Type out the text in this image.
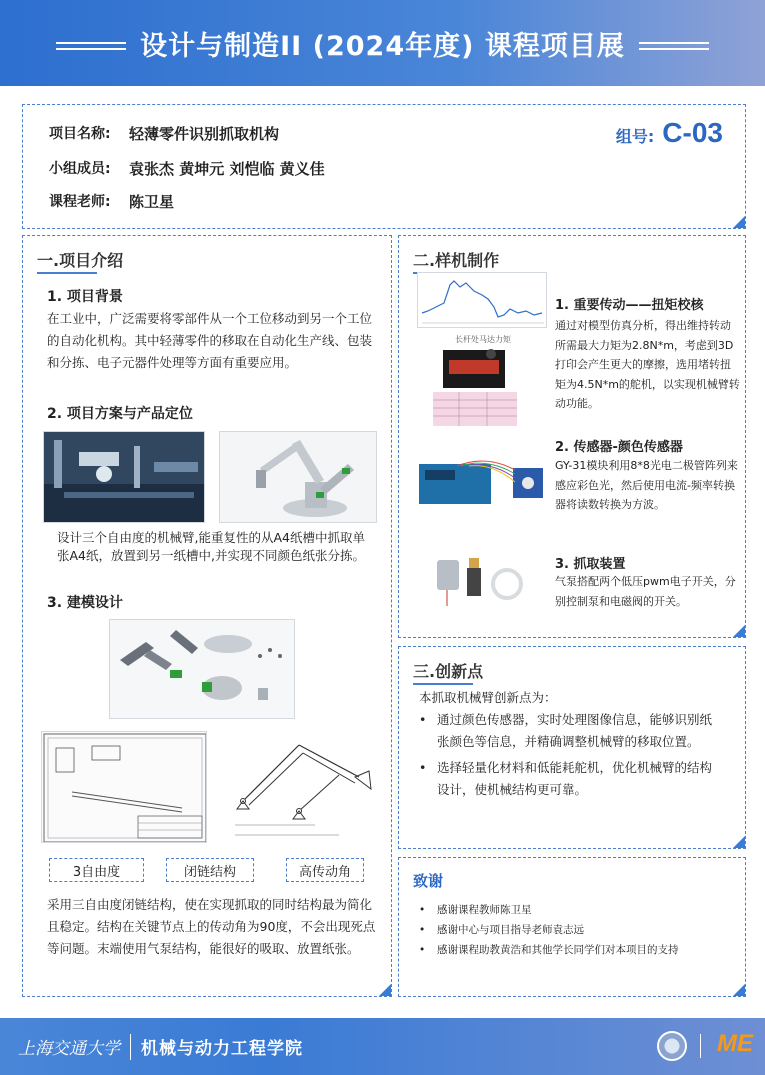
设计与制造II (2024年度) 课程项目展
项目名称:	轻薄零件识别抓取机构
小组成员:	袁张杰 黄坤元 刘恺临 黄义佳
课程老师:	陈卫星
组号: C-03
一.项目介绍
1. 项目背景
在工业中，广泛需要将零部件从一个工位移动到另一个工位的自动化机构。其中轻薄零件的移取在自动化生产线、包装和分拣、电子元器件处理等方面有重要应用。
2. 项目方案与产品定位
设计三个自由度的机械臂,能重复性的从A4纸槽中抓取单张A4纸，放置到另一纸槽中,并实现不同颜色纸张分拣。
3. 建模设计
3自由度	闭链结构	高传动角
采用三自由度闭链结构，使在实现抓取的同时结构最为简化且稳定。结构在关键节点上的传动角为90度，不会出现死点等问题。末端使用气泵结构，能很好的吸取、放置纸张。
二.样机制作
长杆处马达力矩
1. 重要传动——扭矩校核
通过对模型仿真分析，得出维持转动所需最大力矩为2.8N*m，考虑到3D打印会产生更大的摩擦，选用堵转扭矩为4.5N*m的舵机，以实现机械臂转动功能。
2. 传感器-颜色传感器
GY-31模块利用8*8光电二极管阵列来感应彩色光，然后使用电流-频率转换器将读数转换为方波。
3. 抓取装置
气泵搭配两个低压pwm电子开关，分别控制泵和电磁阀的开关。
三.创新点
本抓取机械臂创新点为：
• 通过颜色传感器，实时处理图像信息，能够识别纸张颜色等信息，并精确调整机械臂的移取位置。
• 选择轻量化材料和低能耗舵机，优化机械臂的结构设计，使机械结构更可靠。
致谢
• 感谢课程教师陈卫星
• 感谢中心与项目指导老师袁志远
• 感谢课程助教黄浩和其他学长同学们对本项目的支持
上海交通大学 机械与动力工程学院	ME
